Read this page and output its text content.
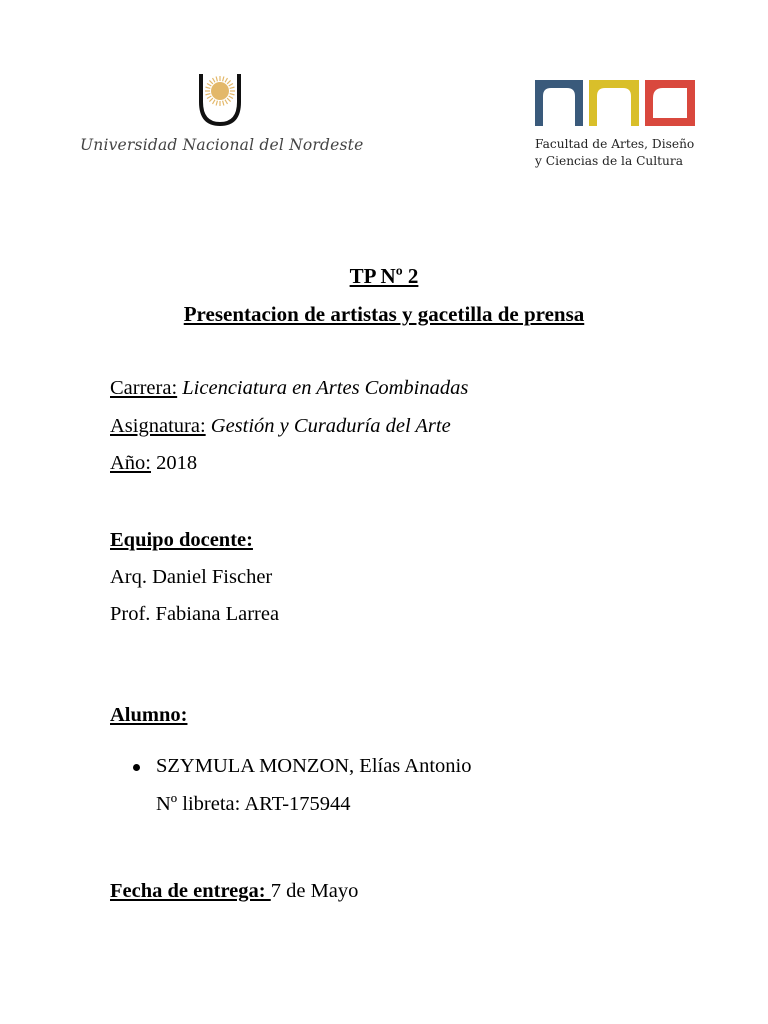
Universidad Nacional del Nordeste	Facultad de Artes, Diseño
y Ciencias de la Cultura
TP Nº 2
Presentacion de artistas y gacetilla de prensa
Carrera: Licenciatura en Artes Combinadas
Asignatura: Gestión y Curaduría del Arte
Año: 2018
Equipo docente:
Arq. Daniel Fischer
Prof. Fabiana Larrea
Alumno:
SZYMULA MONZON, Elías Antonio
Nº libreta: ART-175944
Fecha de entrega: 7 de Mayo
